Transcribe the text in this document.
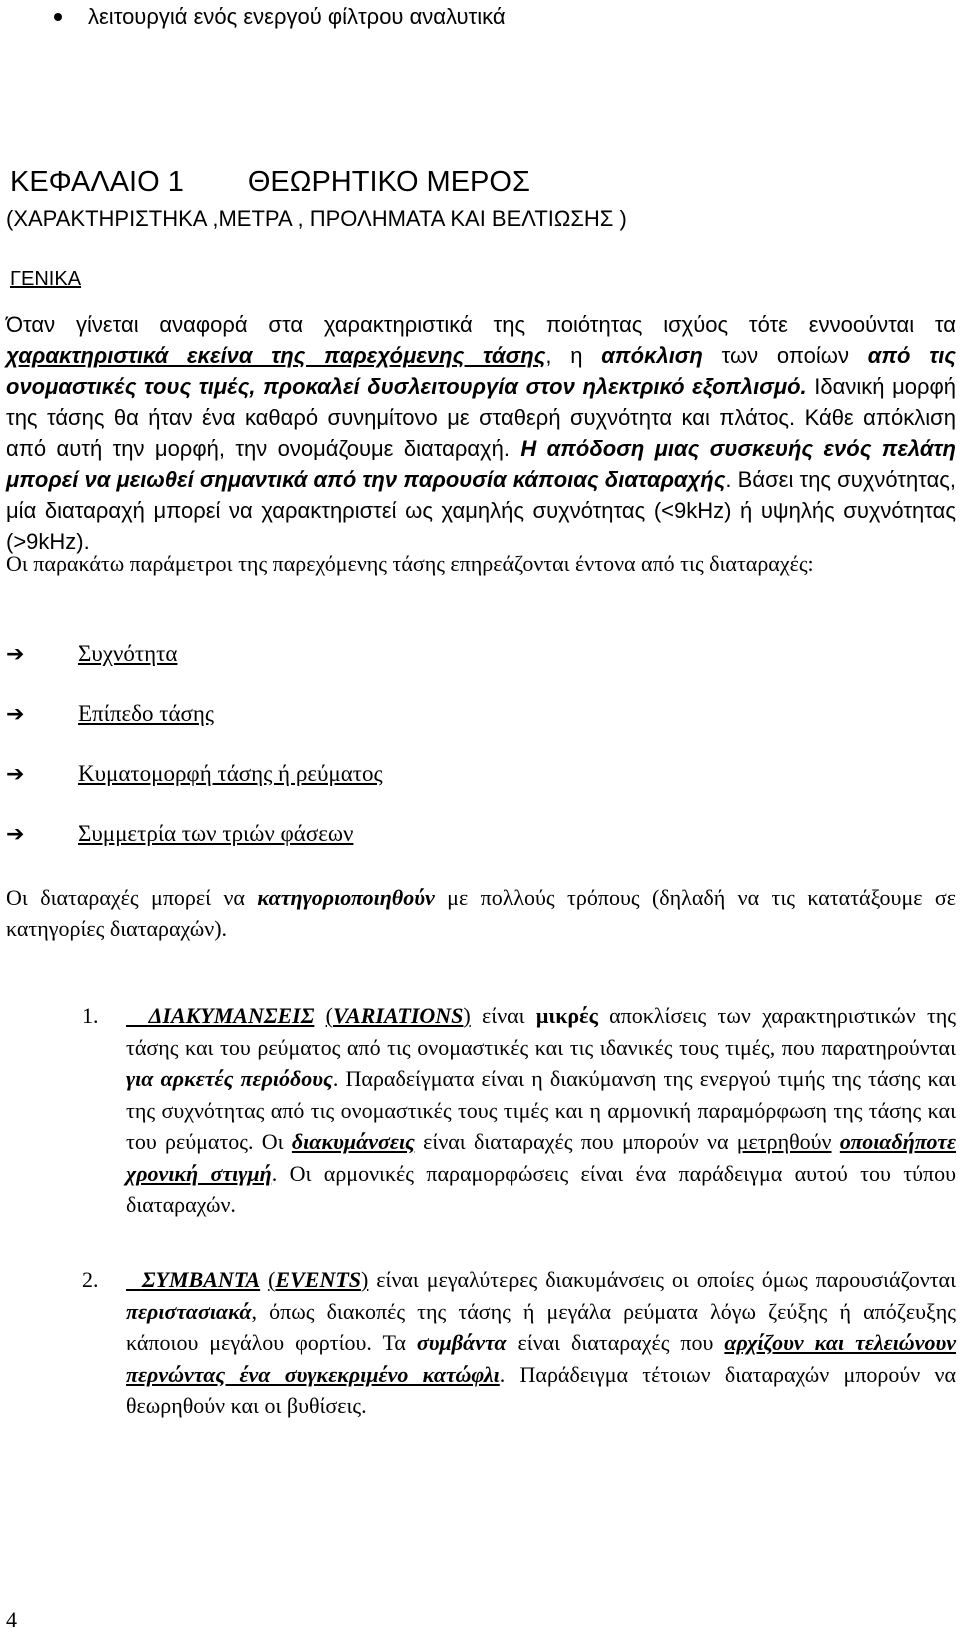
λειτουργιά ενός ενεργού φίλτρου αναλυτικά
ΚΕΦΑΛΑΙΟ 1 ΘΕΩΡΗΤΙΚΟ ΜΕΡΟΣ
(ΧΑΡΑΚΤΗΡΙΣΤΗΚΑ ,ΜΕΤΡΑ , ΠΡΟΛΗΜΑΤΑ ΚΑΙ ΒΕΛΤΙΩΣΗΣ )
ΓΕΝΙΚΑ
Όταν γίνεται αναφορά στα χαρακτηριστικά της ποιότητας ισχύος τότε εννοούνται τα χαρακτηριστικά εκείνα της παρεχόμενης τάσης, η απόκλιση των οποίων από τις ονομαστικές τους τιμές, προκαλεί δυσλειτουργία στον ηλεκτρικό εξοπλισμό. Ιδανική μορφή της τάσης θα ήταν ένα καθαρό συνημίτονο με σταθερή συχνότητα και πλάτος. Κάθε απόκλιση από αυτή την μορφή, την ονομάζουμε διαταραχή. Η απόδοση μιας συσκευής ενός πελάτη μπορεί να μειωθεί σημαντικά από την παρουσία κάποιας διαταραχής. Βάσει της συχνότητας, μία διαταραχή μπορεί να χαρακτηριστεί ως χαμηλής συχνότητας (<9kHz) ή υψηλής συχνότητας (>9kHz).
Οι παρακάτω παράμετροι της παρεχόμενης τάσης επηρεάζονται έντονα από τις διαταραχές:
➔ Συχνότητα
➔ Επίπεδο τάσης
➔ Κυματομορφή τάσης ή ρεύματος
➔ Συμμετρία των τριών φάσεων
Οι διαταραχές μπορεί να κατηγοριοποιηθούν με πολλούς τρόπους (δηλαδή να τις κατατάξουμε σε κατηγορίες διαταραχών).
1. ΔΙΑΚΥΜΑΝΣΕΙΣ (VARIATIONS) είναι μικρές αποκλίσεις των χαρακτηριστικών της τάσης και του ρεύματος από τις ονομαστικές και τις ιδανικές τους τιμές, που παρατηρούνται για αρκετές περιόδους. Παραδείγματα είναι η διακύμανση της ενεργού τιμής της τάσης και της συχνότητας από τις ονομαστικές τους τιμές και η αρμονική παραμόρφωση της τάσης και του ρεύματος. Οι διακυμάνσεις είναι διαταραχές που μπορούν να μετρηθούν οποιαδήποτε χρονική στιγμή. Οι αρμονικές παραμορφώσεις είναι ένα παράδειγμα αυτού του τύπου διαταραχών.
2. ΣΥΜΒΑΝΤΑ (EVENTS) είναι μεγαλύτερες διακυμάνσεις οι οποίες όμως παρουσιάζονται περιστασιακά, όπως διακοπές της τάσης ή μεγάλα ρεύματα λόγω ζεύξης ή απόζευξης κάποιου μεγάλου φορτίου. Τα συμβάντα είναι διαταραχές που αρχίζουν και τελειώνουν περνώντας ένα συγκεκριμένο κατώφλι. Παράδειγμα τέτοιων διαταραχών μπορούν να θεωρηθούν και οι βυθίσεις.
4
